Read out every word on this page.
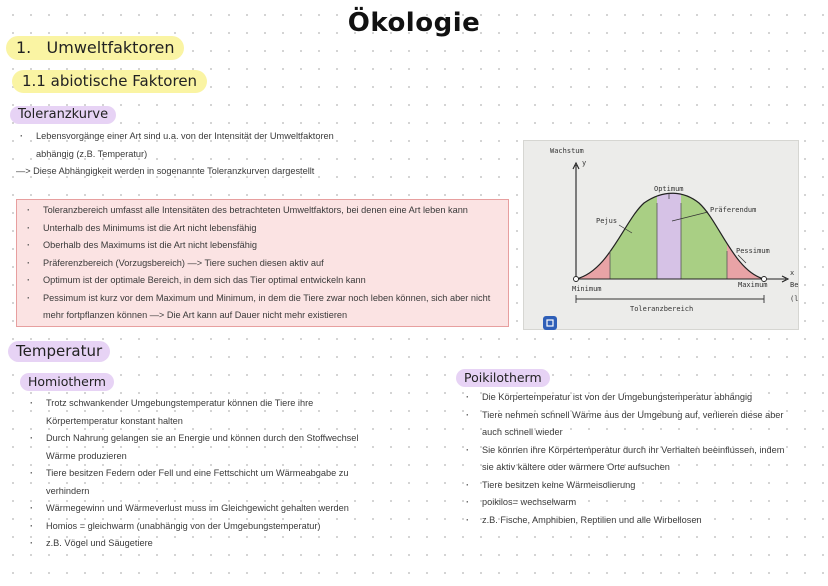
Ökologie
1. Umweltfaktoren
1.1 abiotische Faktoren
Toleranzkurve
· Lebensvorgänge einer Art sind u.a. von der Intensität der Umweltfaktoren
abhängig (z.B. Temperatur)
—> Diese Abhängigkeit werden in sogenannte Toleranzkurven dargestellt
· Toleranzbereich umfasst alle Intensitäten des betrachteten Umweltfaktors, bei denen eine Art leben kann
· Unterhalb des Minimums ist die Art nicht lebensfähig
· Oberhalb des Maximums ist die Art nicht lebensfähig
· Präferenzbereich (Vorzugsbereich) —> Tiere suchen diesen aktiv auf
· Optimum ist der optimale Bereich, in dem sich das Tier optimal entwickeln kann
· Pessimum ist kurz vor dem Maximum und Minimum, in dem die Tiere zwar noch leben können, sich aber nicht
mehr fortpflanzen können —> Die Art kann auf Dauer nicht mehr existieren
Wachstum
y
x
Be
(l
Optimum
Pejus
Präferendum
Pessimum
Minimum	Maximum
Toleranzbereich
Temperatur
Homiotherm	Poikilotherm
· Trotz schwankender Umgebungstemperatur können die Tiere ihre
Körpertemperatur konstant halten
· Durch Nahrung gelangen sie an Energie und können durch den Stoffwechsel
Wärme produzieren
· Tiere besitzen Federn oder Fell und eine Fettschicht um Wärmeabgabe zu
verhindern
· Wärmegewinn und Wärmeverlust muss im Gleichgewicht gehalten werden
· Homios = gleichwarm (unabhängig von der Umgebungstemperatur)
· z.B. Vögel und Säugetiere
· Die Körpertemperatur ist von der Umgebungstemperatur abhängig
· Tiere nehmen schnell Wärme aus der Umgebung auf, verlieren diese aber
auch schnell wieder
· Sie können ihre Körpertemperatur durch ihr Verhalten beeinflussen, indem
sie aktiv kältere oder wärmere Orte aufsuchen
· Tiere besitzen keine Wärmeisolierung
· poikilos= wechselwarm
· z.B. Fische, Amphibien, Reptilien und alle Wirbellosen
